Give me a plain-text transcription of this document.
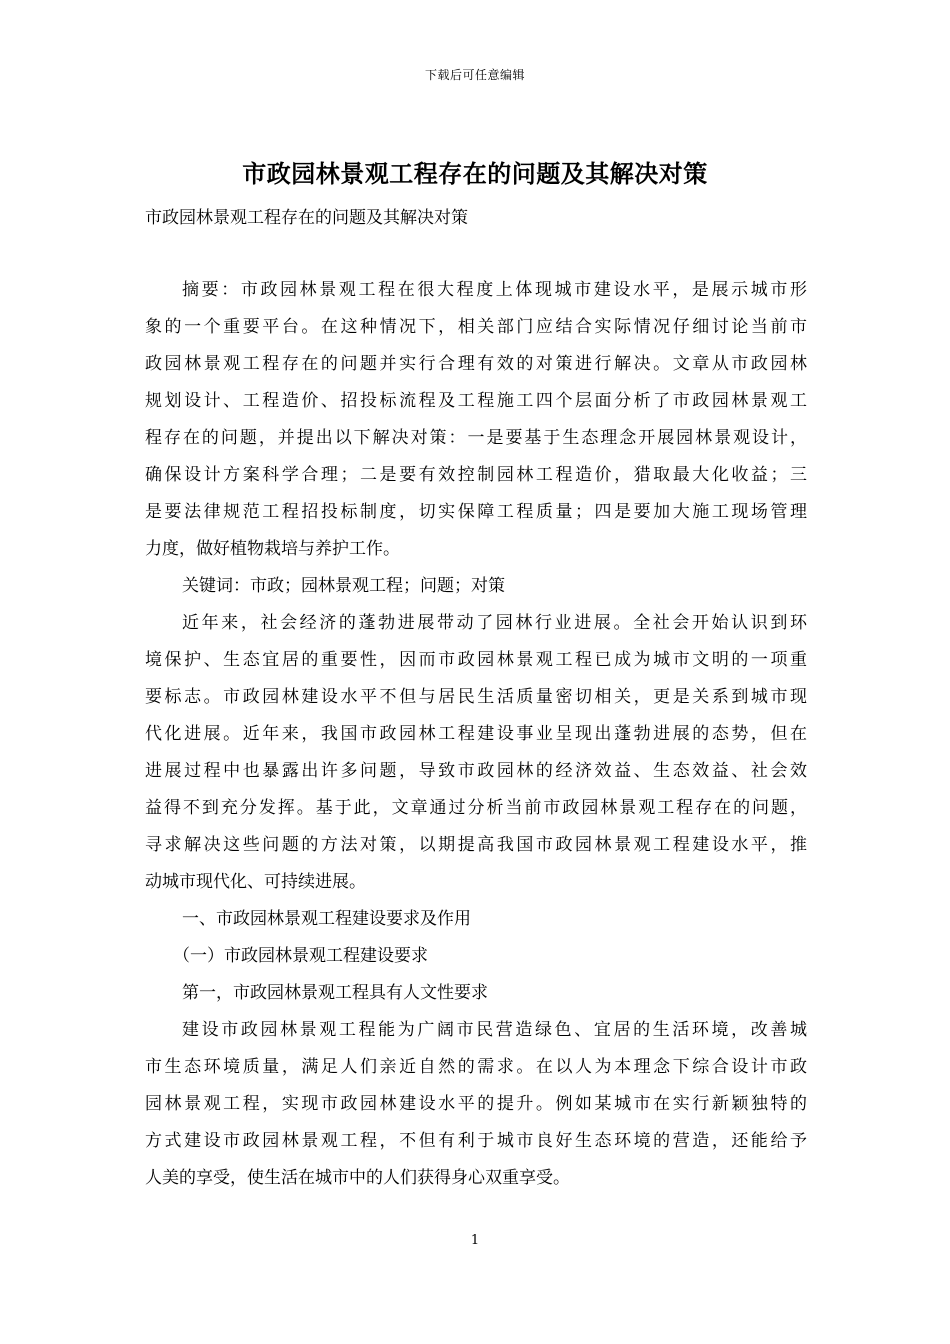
下载后可任意编辑
市政园林景观工程存在的问题及其解决对策

市政园林景观工程存在的问题及其解决对策

摘要：市政园林景观工程在很大程度上体现城市建设水平，是展示城市形
象的一个重要平台。在这种情况下，相关部门应结合实际情况仔细讨论当前市
政园林景观工程存在的问题并实行合理有效的对策进行解决。文章从市政园林
规划设计、工程造价、招投标流程及工程施工四个层面分析了市政园林景观工
程存在的问题，并提出以下解决对策：一是要基于生态理念开展园林景观设计，
确保设计方案科学合理；二是要有效控制园林工程造价，猎取最大化收益；三
是要法律规范工程招投标制度，切实保障工程质量；四是要加大施工现场管理
力度，做好植物栽培与养护工作。
关键词：市政；园林景观工程；问题；对策
近年来，社会经济的蓬勃进展带动了园林行业进展。全社会开始认识到环
境保护、生态宜居的重要性，因而市政园林景观工程已成为城市文明的一项重
要标志。市政园林建设水平不但与居民生活质量密切相关，更是关系到城市现
代化进展。近年来，我国市政园林工程建设事业呈现出蓬勃进展的态势，但在
进展过程中也暴露出许多问题，导致市政园林的经济效益、生态效益、社会效
益得不到充分发挥。基于此，文章通过分析当前市政园林景观工程存在的问题，
寻求解决这些问题的方法对策，以期提高我国市政园林景观工程建设水平，推
动城市现代化、可持续进展。
一、市政园林景观工程建设要求及作用
（一）市政园林景观工程建设要求
第一，市政园林景观工程具有人文性要求
建设市政园林景观工程能为广阔市民营造绿色、宜居的生活环境，改善城
市生态环境质量，满足人们亲近自然的需求。在以人为本理念下综合设计市政
园林景观工程，实现市政园林建设水平的提升。例如某城市在实行新颖独特的
方式建设市政园林景观工程，不但有利于城市良好生态环境的营造，还能给予
人美的享受，使生活在城市中的人们获得身心双重享受。
1
